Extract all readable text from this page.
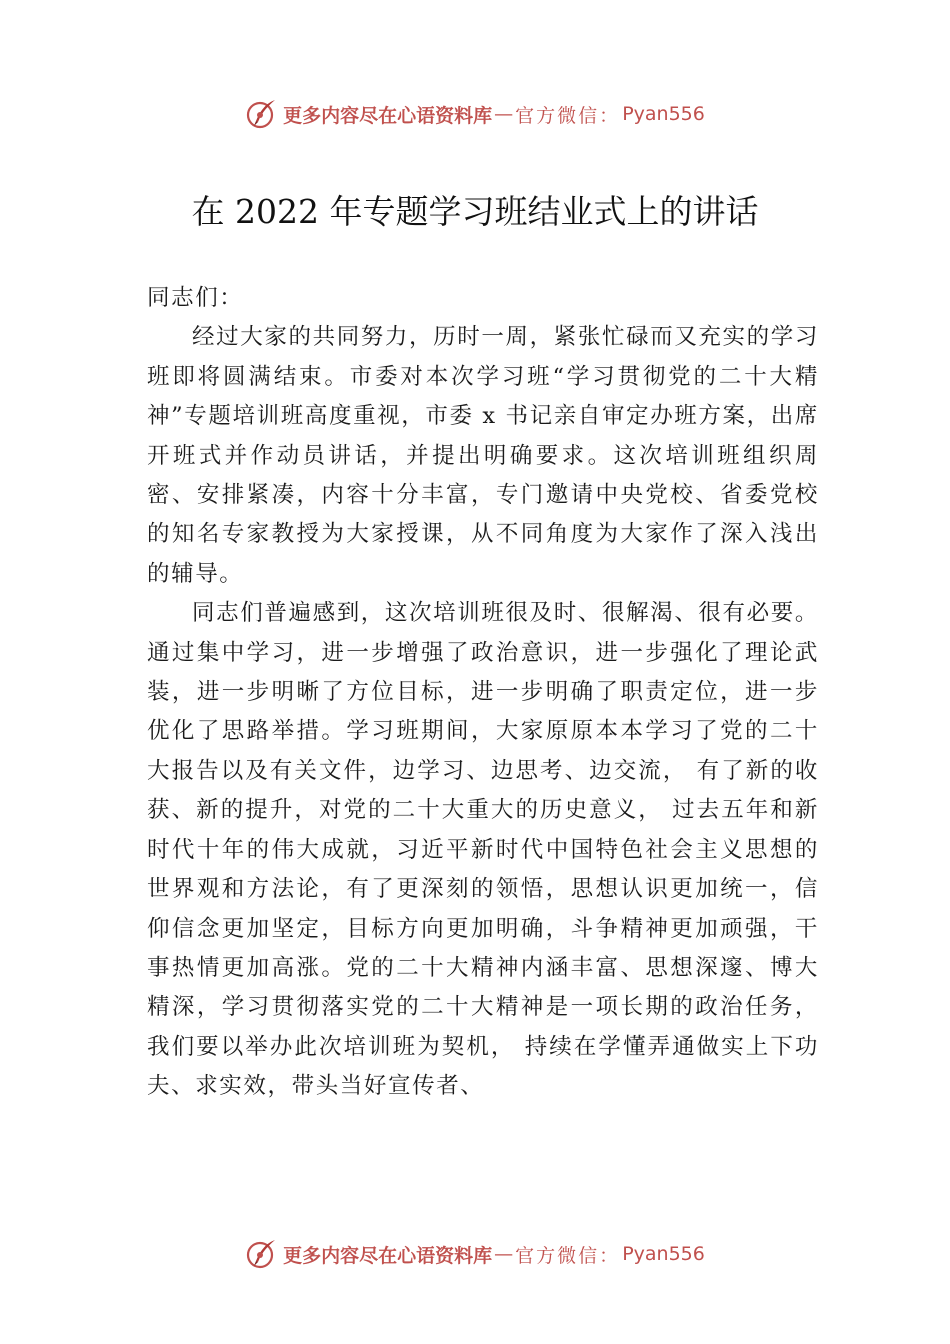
更多内容尽在心语资料库 — 官方微信： Pyan556
在 2022 年专题学习班结业式上的讲话

同志们：

经过大家的共同努力，历时一周，紧张忙碌而又充实的学习班即将圆满结束。市委对本次学习班“学习贯彻党的二十大精神”专题培训班高度重视，市委 x 书记亲自审定办班方案，出席开班式并作动员讲话，并提出明确要求。这次培训班组织周密、安排紧凑，内容十分丰富，专门邀请中央党校、省委党校的知名专家教授为大家授课，从不同角度为大家作了深入浅出的辅导。

同志们普遍感到，这次培训班很及时、很解渴、很有必要。通过集中学习，进一步增强了政治意识，进一步强化了理论武装，进一步明晰了方位目标，进一步明确了职责定位，进一步优化了思路举措。学习班期间，大家原原本本学习了党的二十大报告以及有关文件，边学习、边思考、边交流， 有了新的收获、新的提升，对党的二十大重大的历史意义， 过去五年和新时代十年的伟大成就，习近平新时代中国特色社会主义思想的世界观和方法论，有了更深刻的领悟，思想认识更加统一，信仰信念更加坚定，目标方向更加明确，斗争精神更加顽强，干事热情更加高涨。党的二十大精神内涵丰富、思想深邃、博大精深，学习贯彻落实党的二十大精神是一项长期的政治任务，我们要以举办此次培训班为契机， 持续在学懂弄通做实上下功夫、求实效，带头当好宣传者、

更多内容尽在心语资料库 — 官方微信： Pyan556
